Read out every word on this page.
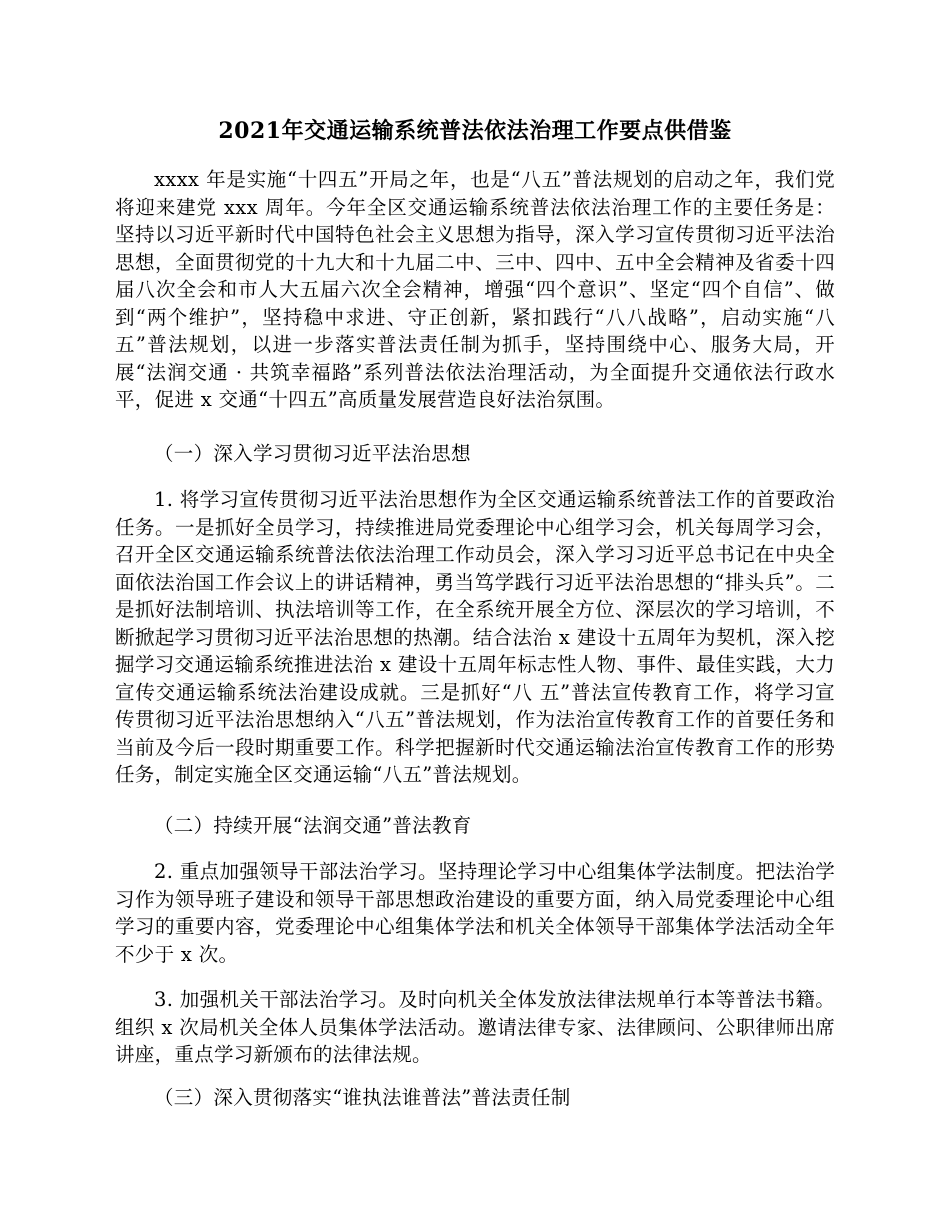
2021年交通运输系统普法依法治理工作要点供借鉴

xxxx 年是实施“十四五”开局之年，也是“八五”普法规划的启动之年，我们党将迎来建党 xxx 周年。今年全区交通运输系统普法依法治理工作的主要任务是：坚持以习近平新时代中国特色社会主义思想为指导，深入学习宣传贯彻习近平法治思想，全面贯彻党的十九大和十九届二中、三中、四中、五中全会精神及省委十四届八次全会和市人大五届六次全会精神，增强“四个意识”、坚定“四个自信”、做到“两个维护”，坚持稳中求进、守正创新，紧扣践行“八八战略”，启动实施“八五”普法规划，以进一步落实普法责任制为抓手，坚持围绕中心、服务大局，开展“法润交通 · 共筑幸福路”系列普法依法治理活动，为全面提升交通依法行政水平，促进 x 交通“十四五”高质量发展营造良好法治氛围。

（一）深入学习贯彻习近平法治思想

1. 将学习宣传贯彻习近平法治思想作为全区交通运输系统普法工作的首要政治任务。一是抓好全员学习，持续推进局党委理论中心组学习会，机关每周学习会，召开全区交通运输系统普法依法治理工作动员会，深入学习习近平总书记在中央全面依法治国工作会议上的讲话精神，勇当笃学践行习近平法治思想的“排头兵”。二是抓好法制培训、执法培训等工作，在全系统开展全方位、深层次的学习培训，不断掀起学习贯彻习近平法治思想的热潮。结合法治 x 建设十五周年为契机，深入挖掘学习交通运输系统推进法治 x 建设十五周年标志性人物、事件、最佳实践，大力宣传交通运输系统法治建设成就。三是抓好“八 五”普法宣传教育工作，将学习宣传贯彻习近平法治思想纳入“八五”普法规划，作为法治宣传教育工作的首要任务和当前及今后一段时期重要工作。科学把握新时代交通运输法治宣传教育工作的形势任务，制定实施全区交通运输“八五”普法规划。

（二）持续开展“法润交通”普法教育

2. 重点加强领导干部法治学习。坚持理论学习中心组集体学法制度。把法治学习作为领导班子建设和领导干部思想政治建设的重要方面，纳入局党委理论中心组学习的重要内容，党委理论中心组集体学法和机关全体领导干部集体学法活动全年不少于 x 次。

3. 加强机关干部法治学习。及时向机关全体发放法律法规单行本等普法书籍。组织 x 次局机关全体人员集体学法活动。邀请法律专家、法律顾问、公职律师出席讲座，重点学习新颁布的法律法规。

（三）深入贯彻落实“谁执法谁普法”普法责任制
